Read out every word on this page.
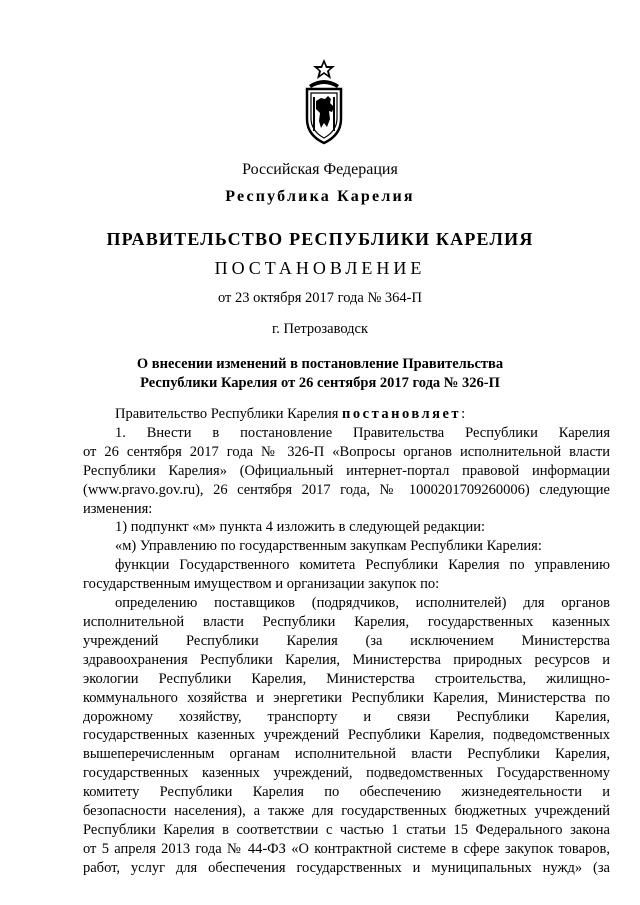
Российская Федерация
Республика Карелия
ПРАВИТЕЛЬСТВО РЕСПУБЛИКИ КАРЕЛИЯ
ПОСТАНОВЛЕНИЕ
от 23 октября 2017 года № 364-П
г. Петрозаводск
О внесении изменений в постановление Правительства
Республики Карелия от 26 сентября 2017 года № 326-П
Правительство Республики Карелия постановляет:
1. Внести в постановление Правительства Республики Карелия
от 26 сентября 2017 года № 326-П «Вопросы органов исполнительной власти
Республики Карелия» (Официальный интернет-портал правовой информации
(www.pravo.gov.ru), 26 сентября 2017 года, № 1000201709260006) следующие
изменения:
1) подпункт «м» пункта 4 изложить в следующей редакции:
«м) Управлению по государственным закупкам Республики Карелия:
функции Государственного комитета Республики Карелия по управлению
государственным имуществом и организации закупок по:
определению поставщиков (подрядчиков, исполнителей) для органов
исполнительной власти Республики Карелия, государственных казенных
учреждений Республики Карелия (за исключением Министерства
здравоохранения Республики Карелия, Министерства природных ресурсов и
экологии Республики Карелия, Министерства строительства, жилищно-
коммунального хозяйства и энергетики Республики Карелия, Министерства по
дорожному хозяйству, транспорту и связи Республики Карелия,
государственных казенных учреждений Республики Карелия, подведомственных
вышеперечисленным органам исполнительной власти Республики Карелия,
государственных казенных учреждений, подведомственных Государственному
комитету Республики Карелия по обеспечению жизнедеятельности и
безопасности населения), а также для государственных бюджетных учреждений
Республики Карелия в соответствии с частью 1 статьи 15 Федерального закона
от 5 апреля 2013 года № 44-ФЗ «О контрактной системе в сфере закупок товаров,
работ, услуг для обеспечения государственных и муниципальных нужд» (за
